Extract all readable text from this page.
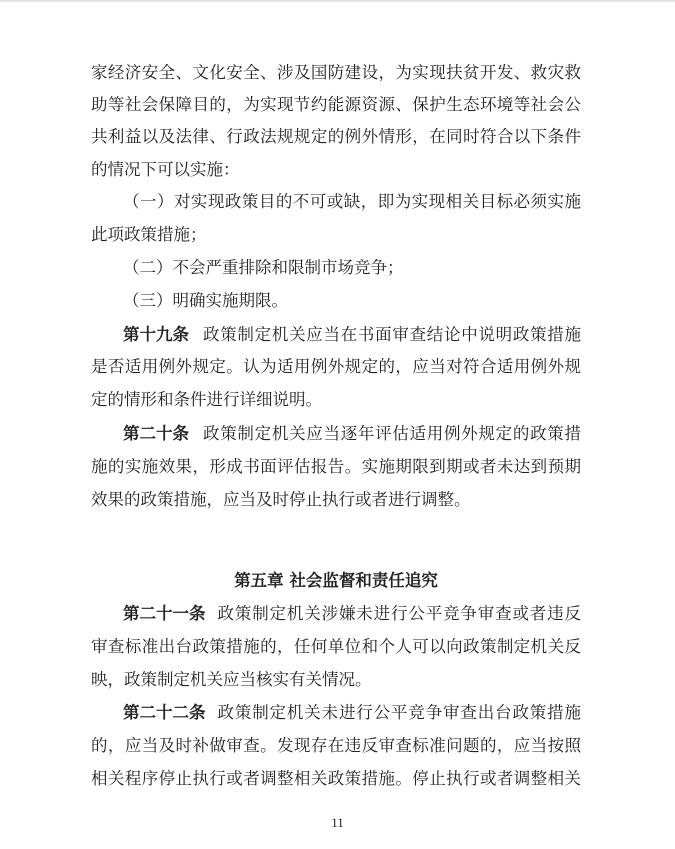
家经济安全、文化安全、涉及国防建设，为实现扶贫开发、救灾救
助等社会保障目的，为实现节约能源资源、保护生态环境等社会公
共利益以及法律、行政法规规定的例外情形，在同时符合以下条件
的情况下可以实施：
（一）对实现政策目的不可或缺，即为实现相关目标必须实施
此项政策措施；
（二）不会严重排除和限制市场竞争；
（三）明确实施期限。
第十九条 政策制定机关应当在书面审查结论中说明政策措施
是否适用例外规定。认为适用例外规定的，应当对符合适用例外规
定的情形和条件进行详细说明。
第二十条 政策制定机关应当逐年评估适用例外规定的政策措
施的实施效果，形成书面评估报告。实施期限到期或者未达到预期
效果的政策措施，应当及时停止执行或者进行调整。
第五章 社会监督和责任追究
第二十一条 政策制定机关涉嫌未进行公平竞争审查或者违反
审查标准出台政策措施的，任何单位和个人可以向政策制定机关反
映，政策制定机关应当核实有关情况。
第二十二条 政策制定机关未进行公平竞争审查出台政策措施
的，应当及时补做审查。发现存在违反审查标准问题的，应当按照
相关程序停止执行或者调整相关政策措施。停止执行或者调整相关
11
